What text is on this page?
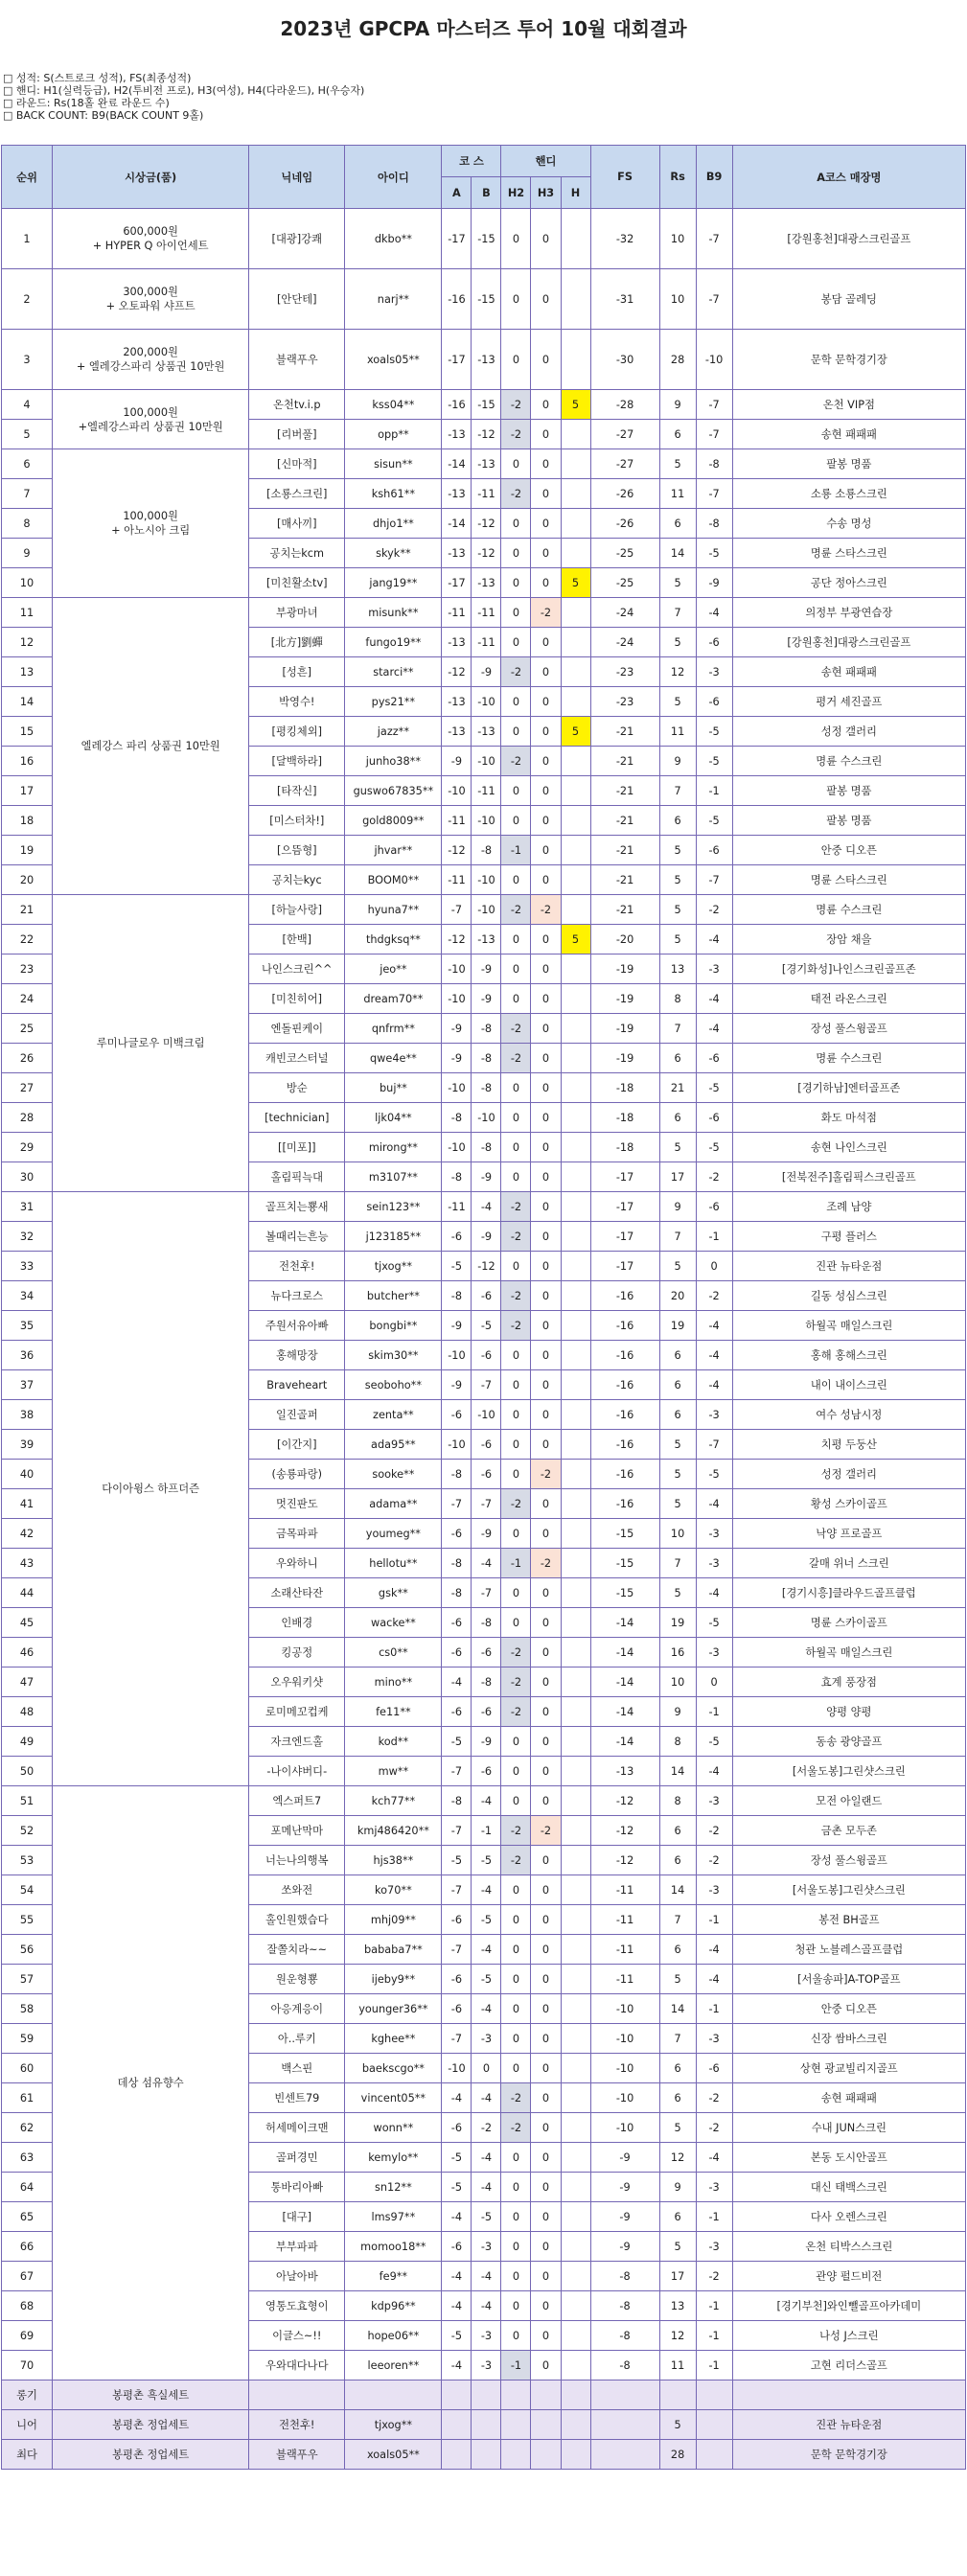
2023년 GPCPA 마스터즈 투어 10월 대회결과
□ 성적: S(스트로크 성적), FS(최종성적)
□ 핸디: H1(실력등급), H2(투비전 프로), H3(여성), H4(다라운드), H(우승자)
□ 라운드: Rs(18홀 완료 라운드 수)
□ BACK COUNT: B9(BACK COUNT 9홀)
순위	시상금(품)	닉네임	아이디	코 스		핸디			FS	Rs	B9	A코스 매장명
				A	B	H2	H3	H				
1	600,000원
+ HYPER Q 아이언세트	[대광]강쾌	dkbo**	-17	-15	0	0		-32	10	-7	[강원홍천]대광스크린골프
2	300,000원
+ 오토파워 샤프트	[안단테]	narj**	-16	-15	0	0		-31	10	-7	봉담 골레딩
3	200,000원
+ 엘레강스파리 상품권 10만원	블랙푸우	xoals05**	-17	-13	0	0		-30	28	-10	문학 문학경기장
4	100,000원
+엘레강스파리 상품권 10만원	온천tv.i.p	kss04**	-16	-15	-2	0	5	-28	9	-7	온천 VIP점
5		[리버풀]	opp**	-13	-12	-2	0		-27	6	-7	송현 패패패
6	100,000원
+ 아노시아 크림	[신마적]	sisun**	-14	-13	0	0		-27	5	-8	팔봉 명품
7		[소룡스크린]	ksh61**	-13	-11	-2	0		-26	11	-7	소룡 소룡스크린
8		[매사끼]	dhjo1**	-14	-12	0	0		-26	6	-8	수송 명성
9		공치는kcm	skyk**	-13	-12	0	0		-25	14	-5	명륜 스타스크린
10		[미친활소tv]	jang19**	-17	-13	0	0	5	-25	5	-9	공단 정아스크린
11	엘레강스 파리 상품권 10만원	부광마녀	misunk**	-11	-11	0	-2		-24	7	-4	의정부 부광연습장
12		[北方]劉蟬	fungo19**	-13	-11	0	0		-24	5	-6	[강원홍천]대광스크린골프
13		[성흔]	starci**	-12	-9	-2	0		-23	12	-3	송현 패패패
14		박영수!	pys21**	-13	-10	0	0		-23	5	-6	평거 세진골프
15		[평킹체외]	jazz**	-13	-13	0	0	5	-21	11	-5	성정 갤러리
16		[달백하라]	junho38**	-9	-10	-2	0		-21	9	-5	명륜 수스크린
17		[타작신]	guswo67835**	-10	-11	0	0		-21	7	-1	팔봉 명품
18		[미스터차!]	gold8009**	-11	-10	0	0		-21	6	-5	팔봉 명품
19		[으뜸형]	jhvar**	-12	-8	-1	0		-21	5	-6	안중 디오픈
20		공치는kyc	BOOM0**	-11	-10	0	0		-21	5	-7	명륜 스타스크린
21	루미나글로우 미백크림	[하늘사랑]	hyuna7**	-7	-10	-2	-2		-21	5	-2	명륜 수스크린
22		[한백]	thdgksq**	-12	-13	0	0	5	-20	5	-4	장암 채을
23		나인스크린^^	jeo**	-10	-9	0	0		-19	13	-3	[경기화성]나인스크린골프존
24		[미친히어]	dream70**	-10	-9	0	0		-19	8	-4	태전 라온스크린
25		엔돌핀케이	qnfrm**	-9	-8	-2	0		-19	7	-4	장성 풀스윙골프
26		캐빈코스터널	qwe4e**	-9	-8	-2	0		-19	6	-6	명륜 수스크린
27		방순	buj**	-10	-8	0	0		-18	21	-5	[경기하남]엔터골프존
28		[technician]	ljk04**	-8	-10	0	0		-18	6	-6	화도 마석점
29		[[미포]]	mirong**	-10	-8	0	0		-18	5	-5	송현 나인스크린
30		홀림픽늑대	m3107**	-8	-9	0	0		-17	17	-2	[전북전주]홀림픽스크린골프
31	다이아윙스 하프더즌	골프치는뿅새	sein123**	-11	-4	-2	0		-17	9	-6	조례 남양
32		볼때리는흔능	j123185**	-6	-9	-2	0		-17	7	-1	구평 플러스
33		전천후!	tjxog**	-5	-12	0	0		-17	5	0	진관 뉴타운점
34		뉴다크로스	butcher**	-8	-6	-2	0		-16	20	-2	길동 성심스크린
35		주원서유아빠	bongbi**	-9	-5	-2	0		-16	19	-4	하월곡 매일스크린
36		홍해망장	skim30**	-10	-6	0	0		-16	6	-4	홍해 홍해스크린
37		Braveheart	seoboho**	-9	-7	0	0		-16	6	-4	내이 내이스크린
38		일진골퍼	zenta**	-6	-10	0	0		-16	6	-3	여수 성남시정
39		[이간지]	ada95**	-10	-6	0	0		-16	5	-7	치평 두둥산
40		(송룡파랑)	sooke**	-8	-6	0	-2		-16	5	-5	성정 갤러리
41		멋진판도	adama**	-7	-7	-2	0		-16	5	-4	황성 스카이골프
42		금목파파	youmeg**	-6	-9	0	0		-15	10	-3	낙양 프로골프
43		우와하니	hellotu**	-8	-4	-1	-2		-15	7	-3	갈매 위너 스크린
44		소래산타잔	gsk**	-8	-7	0	0		-15	5	-4	[경기시흥]클라우드골프클럽
45		인배경	wacke**	-6	-8	0	0		-14	19	-5	명륜 스카이골프
46		킹공정	cs0**	-6	-6	-2	0		-14	16	-3	하월곡 매일스크린
47		오우워키샷	mino**	-4	-8	-2	0		-14	10	0	효계 풍장점
48		로미메꼬컵케	fe11**	-6	-6	-2	0		-14	9	-1	양평 양평
49		자크엔드홀	kod**	-5	-9	0	0		-14	8	-5	동송 광양골프
50		-나이샤버디-	mw**	-7	-6	0	0		-13	14	-4	[서울도봉]그린샷스크린
51	데상 섬유향수	엑스퍼트7	kch77**	-8	-4	0	0		-12	8	-3	모전 아일랜드
52		포메난막마	kmj486420**	-7	-1	-2	-2		-12	6	-2	금촌 모두존
53		너는나의행복	hjs38**	-5	-5	-2	0		-12	6	-2	장성 풀스윙골프
54		쏘와전	ko70**	-7	-4	0	0		-11	14	-3	[서울도봉]그린샷스크린
55		홀인원했습다	mhj09**	-6	-5	0	0		-11	7	-1	봉전 BH골프
56		잘쫄치라~~	bababa7**	-7	-4	0	0		-11	6	-4	청관 노블레스골프클럽
57		원운형뿅	ijeby9**	-6	-5	0	0		-11	5	-4	[서울송파]A-TOP골프
58		아응계응이	younger36**	-6	-4	0	0		-10	14	-1	안중 디오픈
59		아..루키	kghee**	-7	-3	0	0		-10	7	-3	신장 쌈바스크린
60		백스핀	baekscgo**	-10	0	0	0		-10	6	-6	상현 광교빌리지골프
61		빈센트79	vincent05**	-4	-4	-2	0		-10	6	-2	송현 패패패
62		허세메이크맨	wonn**	-6	-2	-2	0		-10	5	-2	수내 JUN스크린
63		골퍼경민	kemylo**	-5	-4	0	0		-9	12	-4	본동 도시안골프
64		통바리아빠	sn12**	-5	-4	0	0		-9	9	-3	대신 태백스크린
65		[대구]	lms97**	-4	-5	0	0		-9	6	-1	다사 오렌스크린
66		부부파파	momoo18**	-6	-3	0	0		-9	5	-3	온천 티박스스크린
67		아날아바	fe9**	-4	-4	0	0		-8	17	-2	관양 펄드비전
68		영통도효형이	kdp96**	-4	-4	0	0		-8	13	-1	[경기부천]와인뺄골프아카데미
69		이글스~!!	hope06**	-5	-3	0	0		-8	12	-1	나성 J스크린
70		우와대다나다	leeoren**	-4	-3	-1	0		-8	11	-1	고현 리더스골프
롱기	봉평촌 흑실세트											
니어	봉평촌 정업세트	전천후!	tjxog**							5		진관 뉴타운점
최다	봉평촌 정업세트	블랙푸우	xoals05**							28		문학 문학경기장
